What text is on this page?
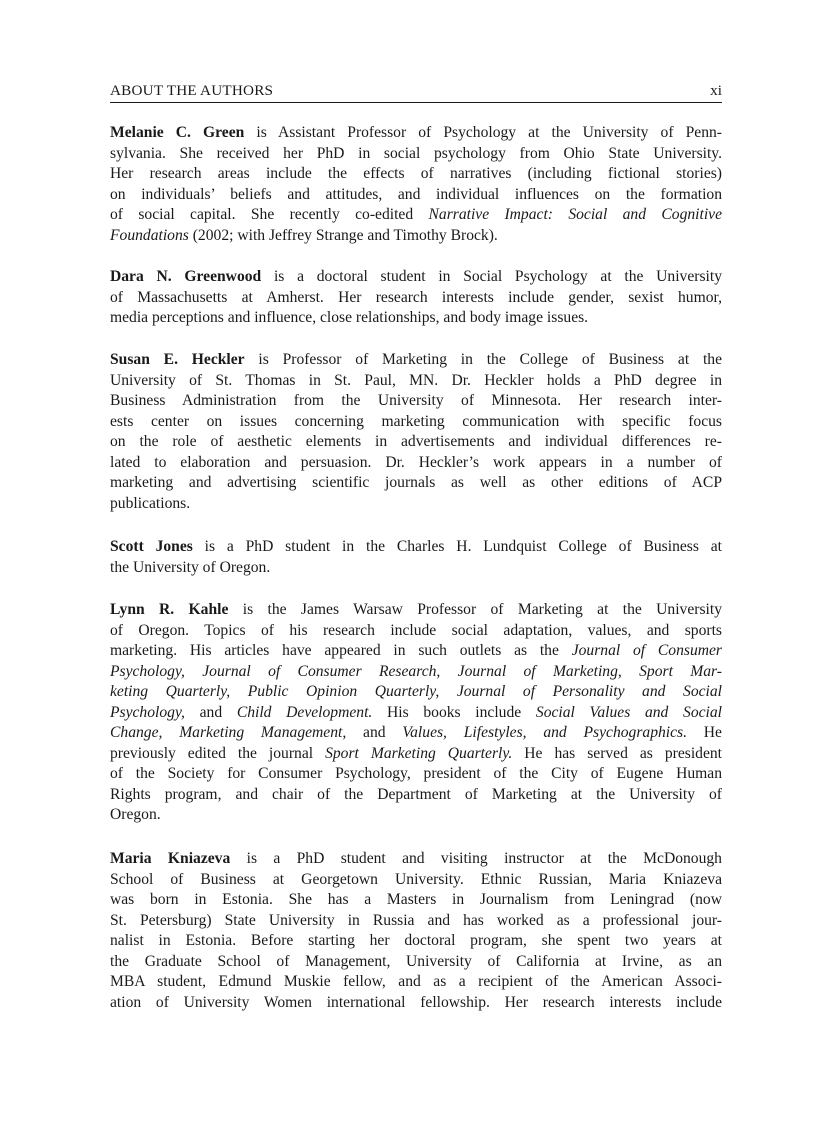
ABOUT THE AUTHORS	xi
Melanie C. Green is Assistant Professor of Psychology at the University of Penn-
sylvania. She received her PhD in social psychology from Ohio State University.
Her research areas include the effects of narratives (including fictional stories)
on individuals’ beliefs and attitudes, and individual influences on the formation
of social capital. She recently co-edited Narrative Impact: Social and Cognitive
Foundations (2002; with Jeffrey Strange and Timothy Brock).
Dara N. Greenwood is a doctoral student in Social Psychology at the University
of Massachusetts at Amherst. Her research interests include gender, sexist humor,
media perceptions and influence, close relationships, and body image issues.
Susan E. Heckler is Professor of Marketing in the College of Business at the
University of St. Thomas in St. Paul, MN. Dr. Heckler holds a PhD degree in
Business Administration from the University of Minnesota. Her research inter-
ests center on issues concerning marketing communication with specific focus
on the role of aesthetic elements in advertisements and individual differences re-
lated to elaboration and persuasion. Dr. Heckler’s work appears in a number of
marketing and advertising scientific journals as well as other editions of ACP
publications.
Scott Jones is a PhD student in the Charles H. Lundquist College of Business at
the University of Oregon.
Lynn R. Kahle is the James Warsaw Professor of Marketing at the University
of Oregon. Topics of his research include social adaptation, values, and sports
marketing. His articles have appeared in such outlets as the Journal of Consumer
Psychology, Journal of Consumer Research, Journal of Marketing, Sport Mar-
keting Quarterly, Public Opinion Quarterly, Journal of Personality and Social
Psychology, and Child Development. His books include Social Values and Social
Change, Marketing Management, and Values, Lifestyles, and Psychographics. He
previously edited the journal Sport Marketing Quarterly. He has served as president
of the Society for Consumer Psychology, president of the City of Eugene Human
Rights program, and chair of the Department of Marketing at the University of
Oregon.
Maria Kniazeva is a PhD student and visiting instructor at the McDonough
School of Business at Georgetown University. Ethnic Russian, Maria Kniazeva
was born in Estonia. She has a Masters in Journalism from Leningrad (now
St. Petersburg) State University in Russia and has worked as a professional jour-
nalist in Estonia. Before starting her doctoral program, she spent two years at
the Graduate School of Management, University of California at Irvine, as an
MBA student, Edmund Muskie fellow, and as a recipient of the American Associ-
ation of University Women international fellowship. Her research interests include
